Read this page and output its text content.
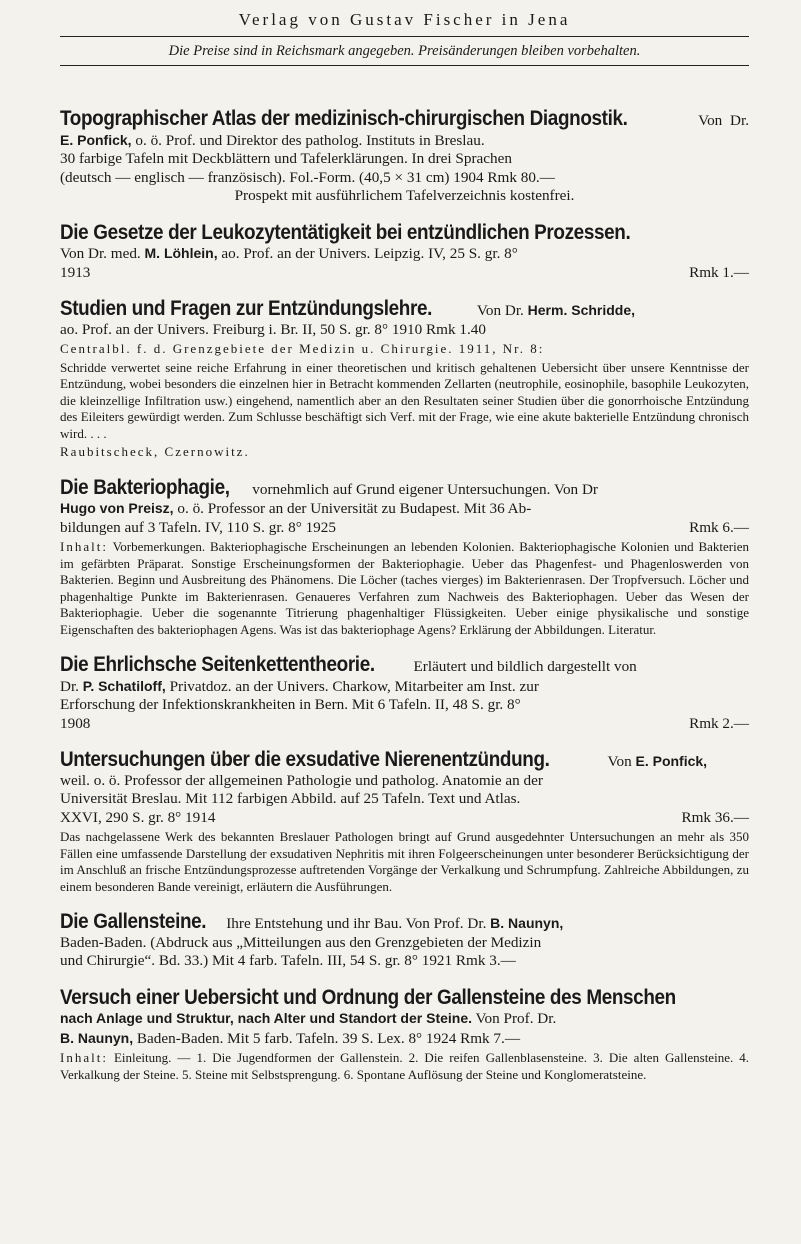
Verlag von Gustav Fischer in Jena
Die Preise sind in Reichsmark angegeben. Preisänderungen bleiben vorbehalten.
Topographischer Atlas der medizinisch-chirurgischen Diagnostik.	Von Dr. E. Ponfick, o. ö. Prof. und Direktor des patholog. Instituts in Breslau.
30 farbige Tafeln mit Deckblättern und Tafelerklärungen. In drei Sprachen
(deutsch — englisch — französisch). Fol.-Form. (40,5 × 31 cm) 1904 Rmk 80.—
Prospekt mit ausführlichem Tafelverzeichnis kostenfrei.
Die Gesetze der Leukozytentätigkeit bei entzündlichen Prozessen.
Von Dr. med. M. Löhlein, ao. Prof. an der Univers. Leipzig. IV, 25 S. gr. 8°
1913	Rmk 1.—
Studien und Fragen zur Entzündungslehre.	Von Dr. Herm. Schridde,
ao. Prof. an der Univers. Freiburg i. Br. II, 50 S. gr. 8° 1910 Rmk 1.40
Centralbl. f. d. Grenzgebiete der Medizin u. Chirurgie. 1911, Nr. 8:
Schridde verwertet seine reiche Erfahrung in einer theoretischen und kritisch gehaltenen Uebersicht über unsere Kenntnisse der Entzündung, wobei besonders die einzelnen hier in Betracht kommenden Zellarten (neutrophile, eosinophile, basophile Leukozyten, die kleinzellige Infiltration usw.) eingehend, namentlich aber an den Resultaten seiner Studien über die gonorrhoische Entzündung des Eileiters gewürdigt werden. Zum Schlusse beschäftigt sich Verf. mit der Frage, wie eine akute bakterielle Entzündung chronisch wird. . . .
Raubitscheck, Czernowitz.
Die Bakteriophagie, vornehmlich auf Grund eigener Untersuchungen. Von Dr
Hugo von Preisz, o. ö. Professor an der Universität zu Budapest. Mit 36 Ab-
bildungen auf 3 Tafeln. IV, 110 S. gr. 8° 1925	Rmk 6.—
Inhalt: Vorbemerkungen. Bakteriophagische Erscheinungen an lebenden Kolonien. Bakteriophagische Kolonien und Bakterien im gefärbten Präparat. Sonstige Erscheinungsformen der Bakteriophagie. Ueber das Phagenfest- und Phagenloswerden von Bakterien. Beginn und Ausbreitung des Phänomens. Die Löcher (taches vierges) im Bakterienrasen. Der Tropfversuch. Löcher und phagenhaltige Punkte im Bakterienrasen. Genaueres Verfahren zum Nachweis des Bakteriophagen. Ueber das Wesen der Bakteriophagie. Ueber die sogenannte Titrierung phagenhaltiger Flüssigkeiten. Ueber einige physikalische und sonstige Eigenschaften des bakteriophagen Agens. Was ist das bakteriophage Agens? Erklärung der Abbildungen. Literatur.
Die Ehrlichsche Seitenkettentheorie.	Erläutert und bildlich dargestellt von
Dr. P. Schatiloff, Privatdoz. an der Univers. Charkow, Mitarbeiter am Inst. zur
Erforschung der Infektionskrankheiten in Bern. Mit 6 Tafeln. II, 48 S. gr. 8°
1908	Rmk 2.—
Untersuchungen über die exsudative Nierenentzündung.	Von E. Ponfick,
weil. o. ö. Professor der allgemeinen Pathologie und patholog. Anatomie an der
Universität Breslau. Mit 112 farbigen Abbild. auf 25 Tafeln. Text und Atlas.
XXVI, 290 S. gr. 8° 1914	Rmk 36.—
Das nachgelassene Werk des bekannten Breslauer Pathologen bringt auf Grund ausgedehnter Untersuchungen an mehr als 350 Fällen eine umfassende Darstellung der exsudativen Nephritis mit ihren Folgeerscheinungen unter besonderer Berücksichtigung der im Anschluß an frische Entzündungsprozesse auftretenden Vorgänge der Verkalkung und Schrumpfung. Zahlreiche Abbildungen, zu einem besonderen Bande vereinigt, erläutern die Ausführungen.
Die Gallensteine. Ihre Entstehung und ihr Bau. Von Prof. Dr. B. Naunyn,
Baden-Baden. (Abdruck aus „Mitteilungen aus den Grenzgebieten der Medizin
und Chirurgie“. Bd. 33.) Mit 4 farb. Tafeln. III, 54 S. gr. 8° 1921 Rmk 3.—
Versuch einer Uebersicht und Ordnung der Gallensteine des Menschen
nach Anlage und Struktur, nach Alter und Standort der Steine. Von Prof. Dr.
B. Naunyn, Baden-Baden. Mit 5 farb. Tafeln. 39 S. Lex. 8° 1924 Rmk 7.—
Inhalt: Einleitung. — 1. Die Jugendformen der Gallenstein. 2. Die reifen Gallenblasensteine. 3. Die alten Gallensteine. 4. Verkalkung der Steine. 5. Steine mit Selbstsprengung. 6. Spontane Auflösung der Steine und Konglomeratsteine.
